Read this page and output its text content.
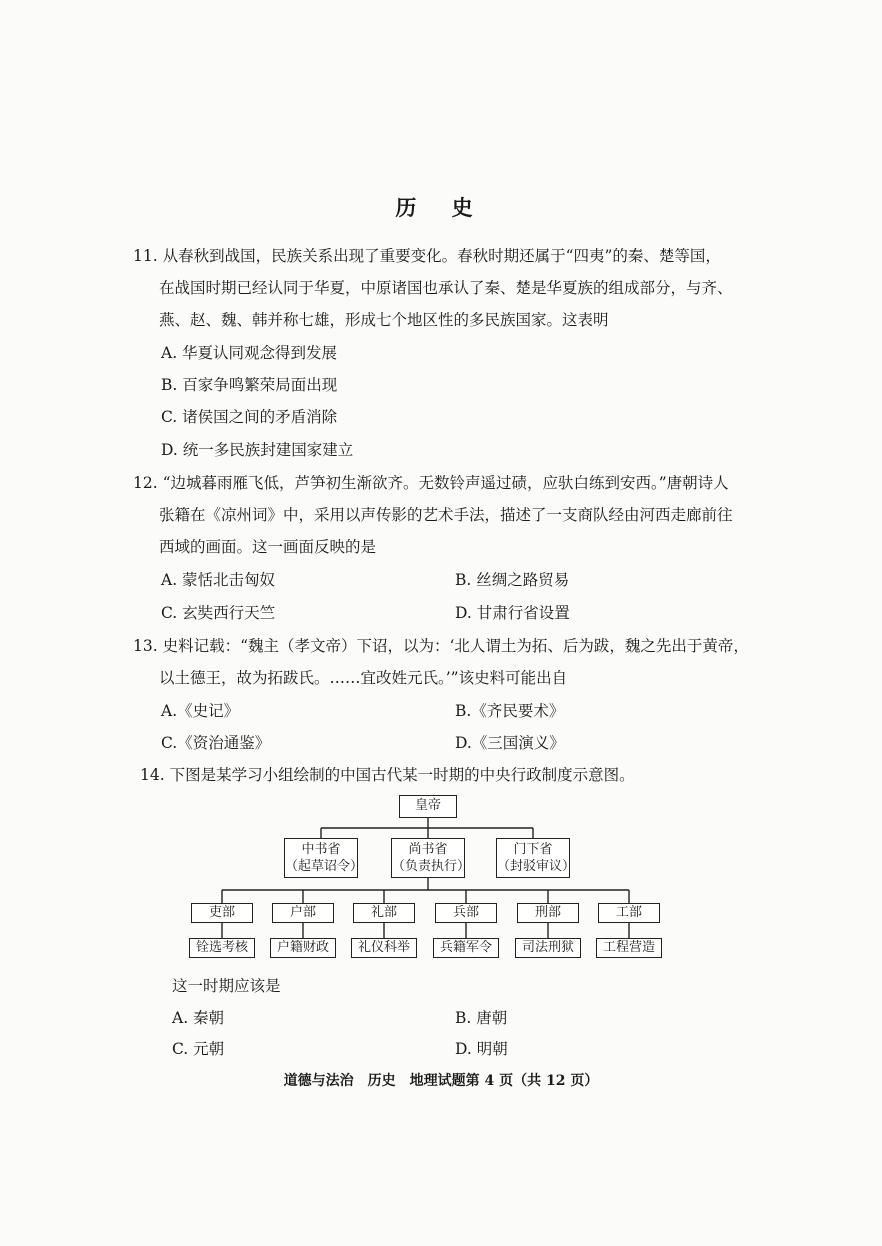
历 史
11. 从春秋到战国，民族关系出现了重要变化。春秋时期还属于“四夷”的秦、楚等国，
在战国时期已经认同于华夏，中原诸国也承认了秦、楚是华夏族的组成部分，与齐、
燕、赵、魏、韩并称七雄，形成七个地区性的多民族国家。这表明
A. 华夏认同观念得到发展
B. 百家争鸣繁荣局面出现
C. 诸侯国之间的矛盾消除
D. 统一多民族封建国家建立
12. “边城暮雨雁飞低，芦笋初生渐欲齐。无数铃声遥过碛，应驮白练到安西。”唐朝诗人
张籍在《凉州词》中，采用以声传影的艺术手法，描述了一支商队经由河西走廊前往
西域的画面。这一画面反映的是
A. 蒙恬北击匈奴	B. 丝绸之路贸易
C. 玄奘西行天竺	D. 甘肃行省设置
13. 史料记载：“魏主（孝文帝）下诏，以为：‘北人谓土为拓、后为跋，魏之先出于黄帝，
以土德王，故为拓跋氏。……宜改姓元氏。’”该史料可能出自
A.《史记》	B.《齐民要术》
C.《资治通鉴》	D.《三国演义》
14. 下图是某学习小组绘制的中国古代某一时期的中央行政制度示意图。
皇帝
中书省
（起草诏令）
尚书省
（负责执行）
门下省
（封驳审议）
吏部	户部	礼部	兵部	刑部	工部
铨选考核	户籍财政	礼仪科举	兵籍军令	司法刑狱	工程营造
这一时期应该是
A. 秦朝	B. 唐朝
C. 元朝	D. 明朝
道德与法治　历史　地理试题第 4 页（共 12 页）
